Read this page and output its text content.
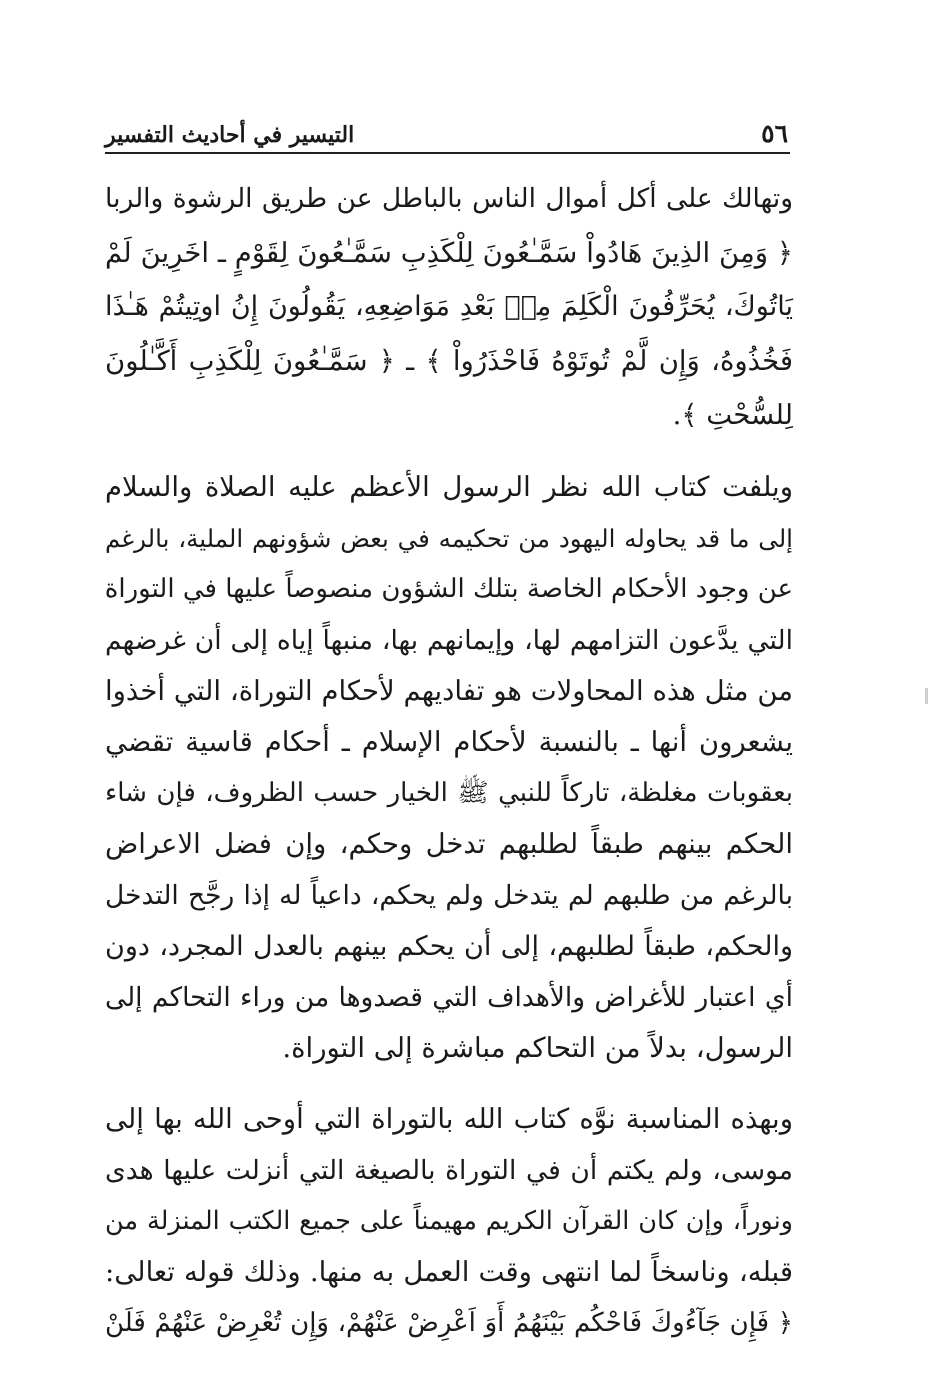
٥٦
التيسير في أحاديث التفسير

وتهالك على أكل أموال الناس بالباطل عن طريق الرشوة والربا
﴿ وَمِنَ الذِينَ هَادُواْ سَمَّـٰعُونَ لِلْكَذِبِ سَمَّـٰعُونَ لِقَوْمٍ ـ اخَرِينَ لَمْ
يَاتُوكَ، يُحَرِّفُونَ الْكَلِمَ مِنۢ بَعْدِ مَوَاضِعِهِ، يَقُولُونَ إِنُ اوتِيتُمْ هَـٰذَا
فَخُذُوهُ، وَإِن لَّمْ تُوتَوْهُ فَاحْذَرُواْ ﴾ ـ ﴿ سَمَّـٰعُونَ لِلْكَذِبِ أَكَّـٰلُونَ
لِلسُّحْتِ ﴾.

ويلفت كتاب الله نظر الرسول الأعظم عليه الصلاة والسلام
إلى ما قد يحاوله اليهود من تحكيمه في بعض شؤونهم الملية، بالرغم
عن وجود الأحكام الخاصة بتلك الشؤون منصوصاً عليها في التوراة
التي يدَّعون التزامهم لها، وإيمانهم بها، منبهاً إياه إلى أن غرضهم
من مثل هذه المحاولات هو تفاديهم لأحكام التوراة، التي أخذوا
يشعرون أنها ـ بالنسبة لأحكام الإسلام ـ أحكام قاسية تقضي
بعقوبات مغلظة، تاركاً للنبي ﷺ الخيار حسب الظروف، فإن شاء
الحكم بينهم طبقاً لطلبهم تدخل وحكم، وإن فضل الاعراض
بالرغم من طلبهم لم يتدخل ولم يحكم، داعياً له إذا رجَّح التدخل
والحكم، طبقاً لطلبهم، إلى أن يحكم بينهم بالعدل المجرد، دون
أي اعتبار للأغراض والأهداف التي قصدوها من وراء التحاكم إلى
الرسول، بدلاً من التحاكم مباشرة إلى التوراة.

وبهذه المناسبة نوَّه كتاب الله بالتوراة التي أوحى الله بها إلى
موسى، ولم يكتم أن في التوراة بالصيغة التي أنزلت عليها هدى
ونوراً، وإن كان القرآن الكريم مهيمناً على جميع الكتب المنزلة من
قبله، وناسخاً لما انتهى وقت العمل به منها. وذلك قوله تعالى:
﴿ فَإِن جَآءُوكَ فَاحْكُم بَيْنَهُمُ أَوَ اَعْرِضْ عَنْهُمْ، وَإِن تُعْرِضْ عَنْهُمْ فَلَنْ
